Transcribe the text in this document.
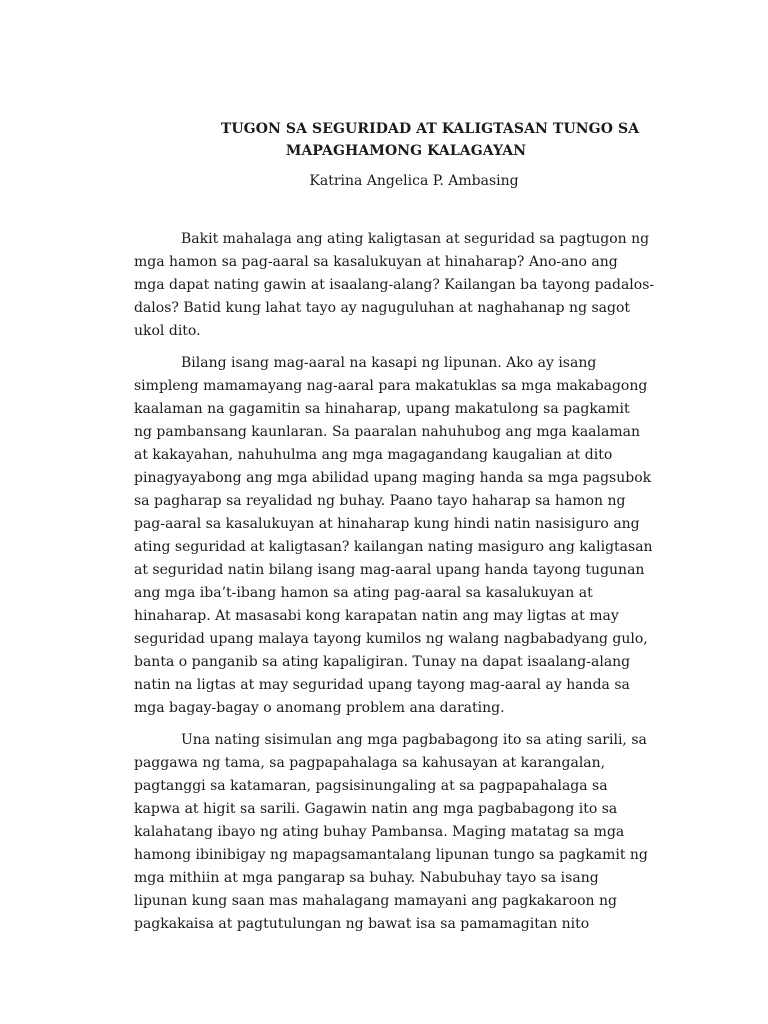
TUGON SA SEGURIDAD AT KALIGTASAN TUNGO SA
MAPAGHAMONG KALAGAYAN
Katrina Angelica P. Ambasing

Bakit mahalaga ang ating kaligtasan at seguridad sa pagtugon ng
mga hamon sa pag-aaral sa kasalukuyan at hinaharap? Ano-ano ang
mga dapat nating gawin at isaalang-alang? Kailangan ba tayong padalos-
dalos? Batid kung lahat tayo ay naguguluhan at naghahanap ng sagot
ukol dito.

Bilang isang mag-aaral na kasapi ng lipunan. Ako ay isang
simpleng mamamayang nag-aaral para makatuklas sa mga makabagong
kaalaman na gagamitin sa hinaharap, upang makatulong sa pagkamit
ng pambansang kaunlaran. Sa paaralan nahuhubog ang mga kaalaman
at kakayahan, nahuhulma ang mga magagandang kaugalian at dito
pinagyayabong ang mga abilidad upang maging handa sa mga pagsubok
sa pagharap sa reyalidad ng buhay. Paano tayo haharap sa hamon ng
pag-aaral sa kasalukuyan at hinaharap kung hindi natin nasisiguro ang
ating seguridad at kaligtasan? kailangan nating masiguro ang kaligtasan
at seguridad natin bilang isang mag-aaral upang handa tayong tugunan
ang mga iba’t-ibang hamon sa ating pag-aaral sa kasalukuyan at
hinaharap. At masasabi kong karapatan natin ang may ligtas at may
seguridad upang malaya tayong kumilos ng walang nagbabadyang gulo,
banta o panganib sa ating kapaligiran. Tunay na dapat isaalang-alang
natin na ligtas at may seguridad upang tayong mag-aaral ay handa sa
mga bagay-bagay o anomang problem ana darating.

Una nating sisimulan ang mga pagbabagong ito sa ating sarili, sa
paggawa ng tama, sa pagpapahalaga sa kahusayan at karangalan,
pagtanggi sa katamaran, pagsisinungaling at sa pagpapahalaga sa
kapwa at higit sa sarili. Gagawin natin ang mga pagbabagong ito sa
kalahatang ibayo ng ating buhay Pambansa. Maging matatag sa mga
hamong ibinibigay ng mapagsamantalang lipunan tungo sa pagkamit ng
mga mithiin at mga pangarap sa buhay. Nabubuhay tayo sa isang
lipunan kung saan mas mahalagang mamayani ang pagkakaroon ng
pagkakaisa at pagtutulungan ng bawat isa sa pamamagitan nito
